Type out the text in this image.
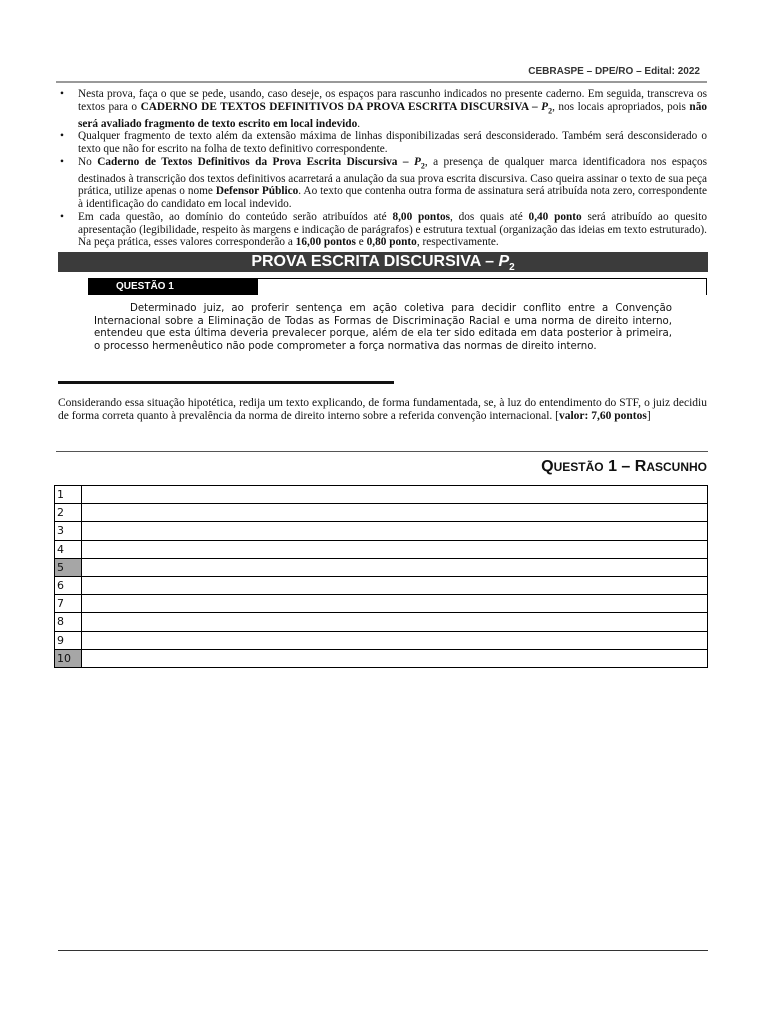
CEBRASPE – DPE/RO – Edital: 2022
• Nesta prova, faça o que se pede, usando, caso deseje, os espaços para rascunho indicados no presente caderno. Em seguida, transcreva os textos para o CADERNO DE TEXTOS DEFINITIVOS DA PROVA ESCRITA DISCURSIVA – $P_2$, nos locais apropriados, pois não será avaliado fragmento de texto escrito em local indevido.
• Qualquer fragmento de texto além da extensão máxima de linhas disponibilizadas será desconsiderado. Também será desconsiderado o texto que não for escrito na folha de texto definitivo correspondente.
• No Caderno de Textos Definitivos da Prova Escrita Discursiva – $P_2$, a presença de qualquer marca identificadora nos espaços destinados à transcrição dos textos definitivos acarretará a anulação da sua prova escrita discursiva. Caso queira assinar o texto de sua peça prática, utilize apenas o nome Defensor Público. Ao texto que contenha outra forma de assinatura será atribuída nota zero, correspondente à identificação do candidato em local indevido.
• Em cada questão, ao domínio do conteúdo serão atribuídos até 8,00 pontos, dos quais até 0,40 ponto será atribuído ao quesito apresentação (legibilidade, respeito às margens e indicação de parágrafos) e estrutura textual (organização das ideias em texto estruturado). Na peça prática, esses valores corresponderão a 16,00 pontos e 0,80 ponto, respectivamente.
PROVA ESCRITA DISCURSIVA – $P_2$
QUESTÃO 1

Determinado juiz, ao proferir sentença em ação coletiva para decidir conflito entre a Convenção Internacional sobre a Eliminação de Todas as Formas de Discriminação Racial e uma norma de direito interno, entendeu que esta última deveria prevalecer porque, além de ela ter sido editada em data posterior à primeira, o processo hermenêutico não pode comprometer a força normativa das normas de direito interno.

Considerando essa situação hipotética, redija um texto explicando, de forma fundamentada, se, à luz do entendimento do STF, o juiz decidiu de forma correta quanto à prevalência da norma de direito interno sobre a referida convenção internacional. [valor: 7,60 pontos]

QUESTÃO 1 – RASCUNHO
1	
2	
3	
4	
5	
6	
7	
8	
9	
10	
